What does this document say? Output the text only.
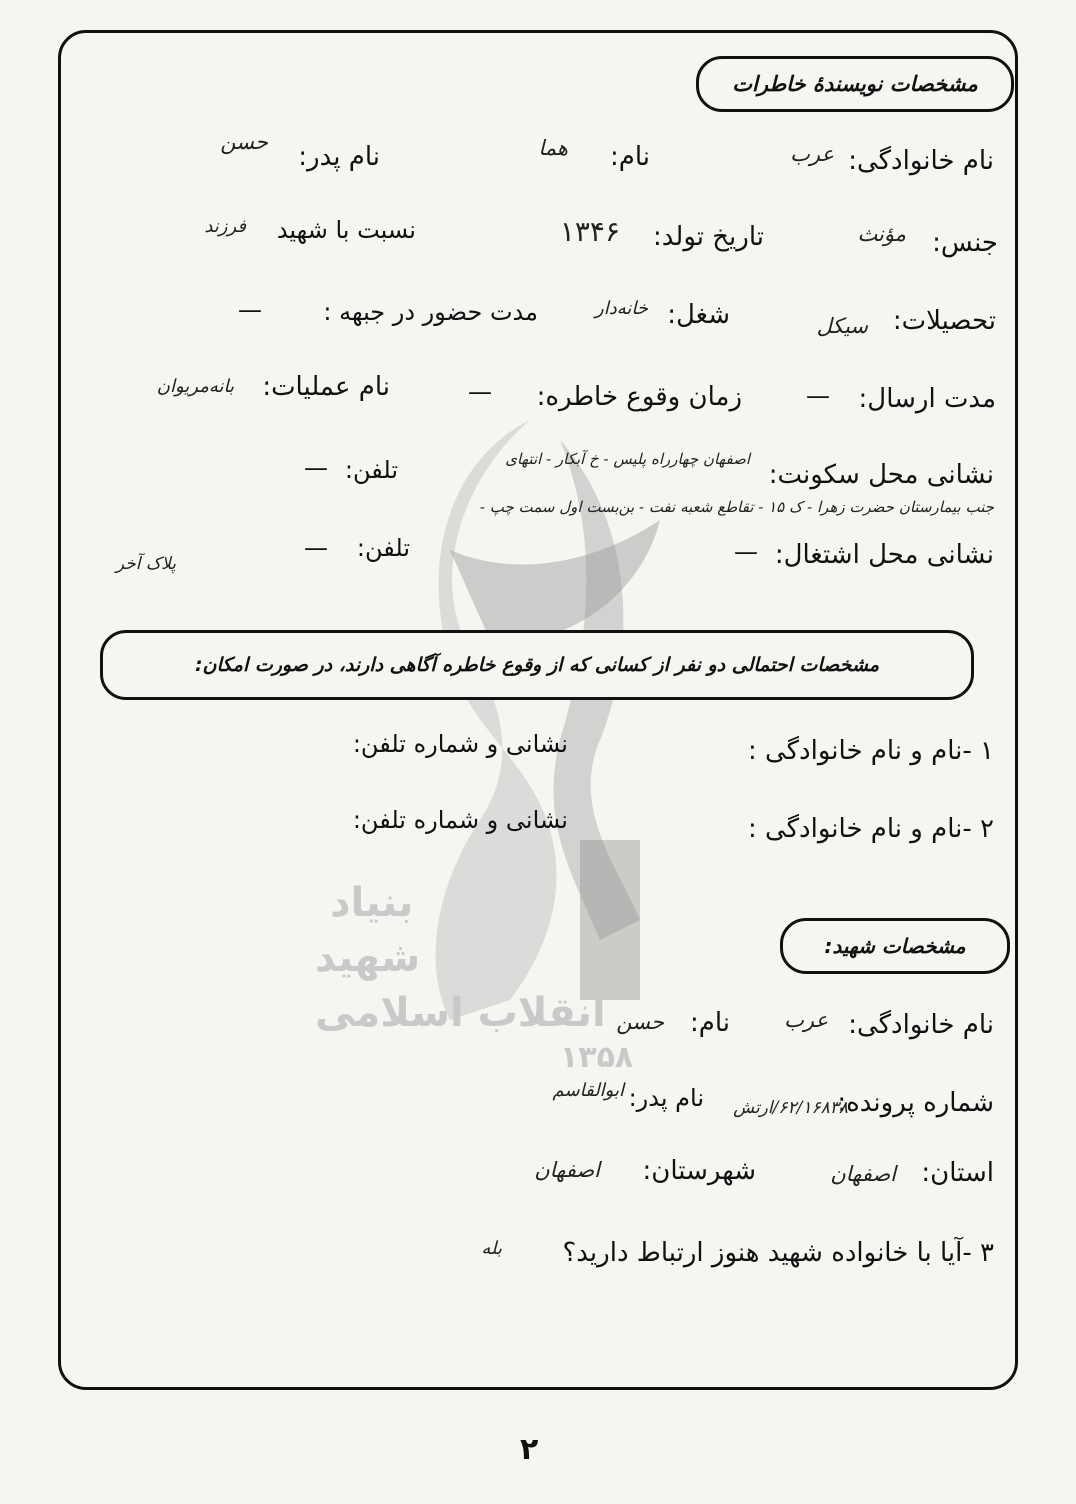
بنیاد
شهید
انقلاب اسلامی
۱۳۵۸
مشخصات نویسندۀ خاطرات
نام خانوادگی:
عرب
نام:
هما
نام پدر:
حسن
جنس:
مؤنث
تاریخ تولد:
۱۳۴۶
نسبت با شهید
فرزند
تحصیلات:
سیکل
شغل:
خانه‌دار
مدت حضور در جبهه :
—
مدت ارسال:
—
زمان وقوع خاطره:
—
نام عملیات:
بانه‌مریوان
نشانی محل سکونت:
اصفهان چهارراه پلیس - خ آبکار - انتهای
تلفن:
—
جنب بیمارستان حضرت زهرا - ک ۱۵ - تقاطع شعبه نفت - بن‌بست اول سمت چپ -
نشانی محل اشتغال:
—
تلفن:
—
پلاک آخر
مشخصات احتمالی دو نفر از کسانی که از وقوع خاطره آگاهی دارند، در صورت امکان:
۱ -نام و نام خانوادگی :
نشانی و شماره تلفن:
۲ -نام و نام خانوادگی :
نشانی و شماره تلفن:
مشخصات شهید:
نام خانوادگی:
عرب
نام:
حسن
شماره پرونده:
۶۲/۱۶۸۳۸/ارتش
نام پدر:
ابوالقاسم
استان:
اصفهان
شهرستان:
اصفهان
۳ -آیا با خانواده شهید هنوز ارتباط دارید؟
بله
۲
